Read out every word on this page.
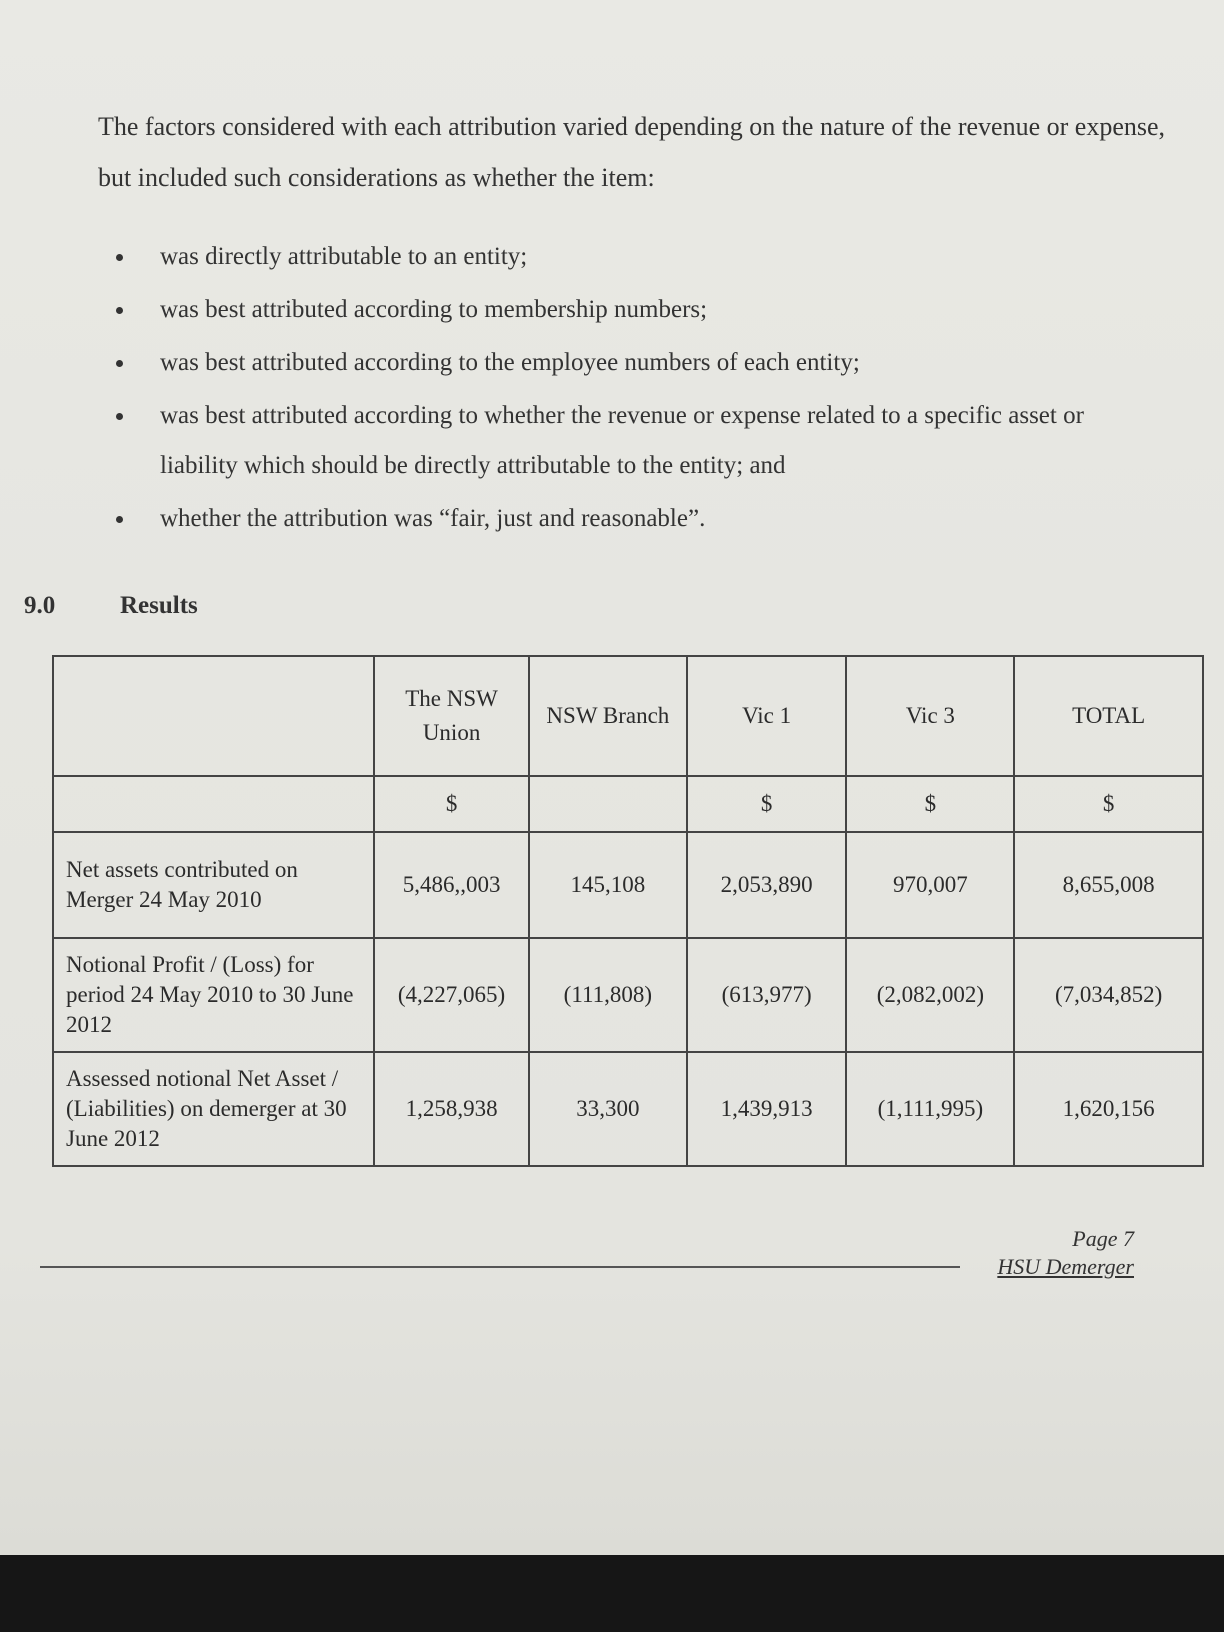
The factors considered with each attribution varied depending on the nature of the revenue or expense, but included such considerations as whether the item:

was directly attributable to an entity;
was best attributed according to membership numbers;
was best attributed according to the employee numbers of each entity;
was best attributed according to whether the revenue or expense related to a specific asset or liability which should be directly attributable to the entity; and
whether the attribution was “fair, just and reasonable”.
9.0	Results
	The NSW Union	NSW Branch	Vic 1	Vic 3	TOTAL
	$		$	$	$
Net assets contributed on Merger 24 May 2010	5,486,,003	145,108	2,053,890	970,007	8,655,008
Notional Profit / (Loss) for period 24 May 2010 to 30 June 2012	(4,227,065)	(111,808)	(613,977)	(2,082,002)	(7,034,852)
Assessed notional Net Asset / (Liabilities) on demerger at 30 June 2012	1,258,938	33,300	1,439,913	(1,111,995)	1,620,156
Page 7
HSU Demerger
